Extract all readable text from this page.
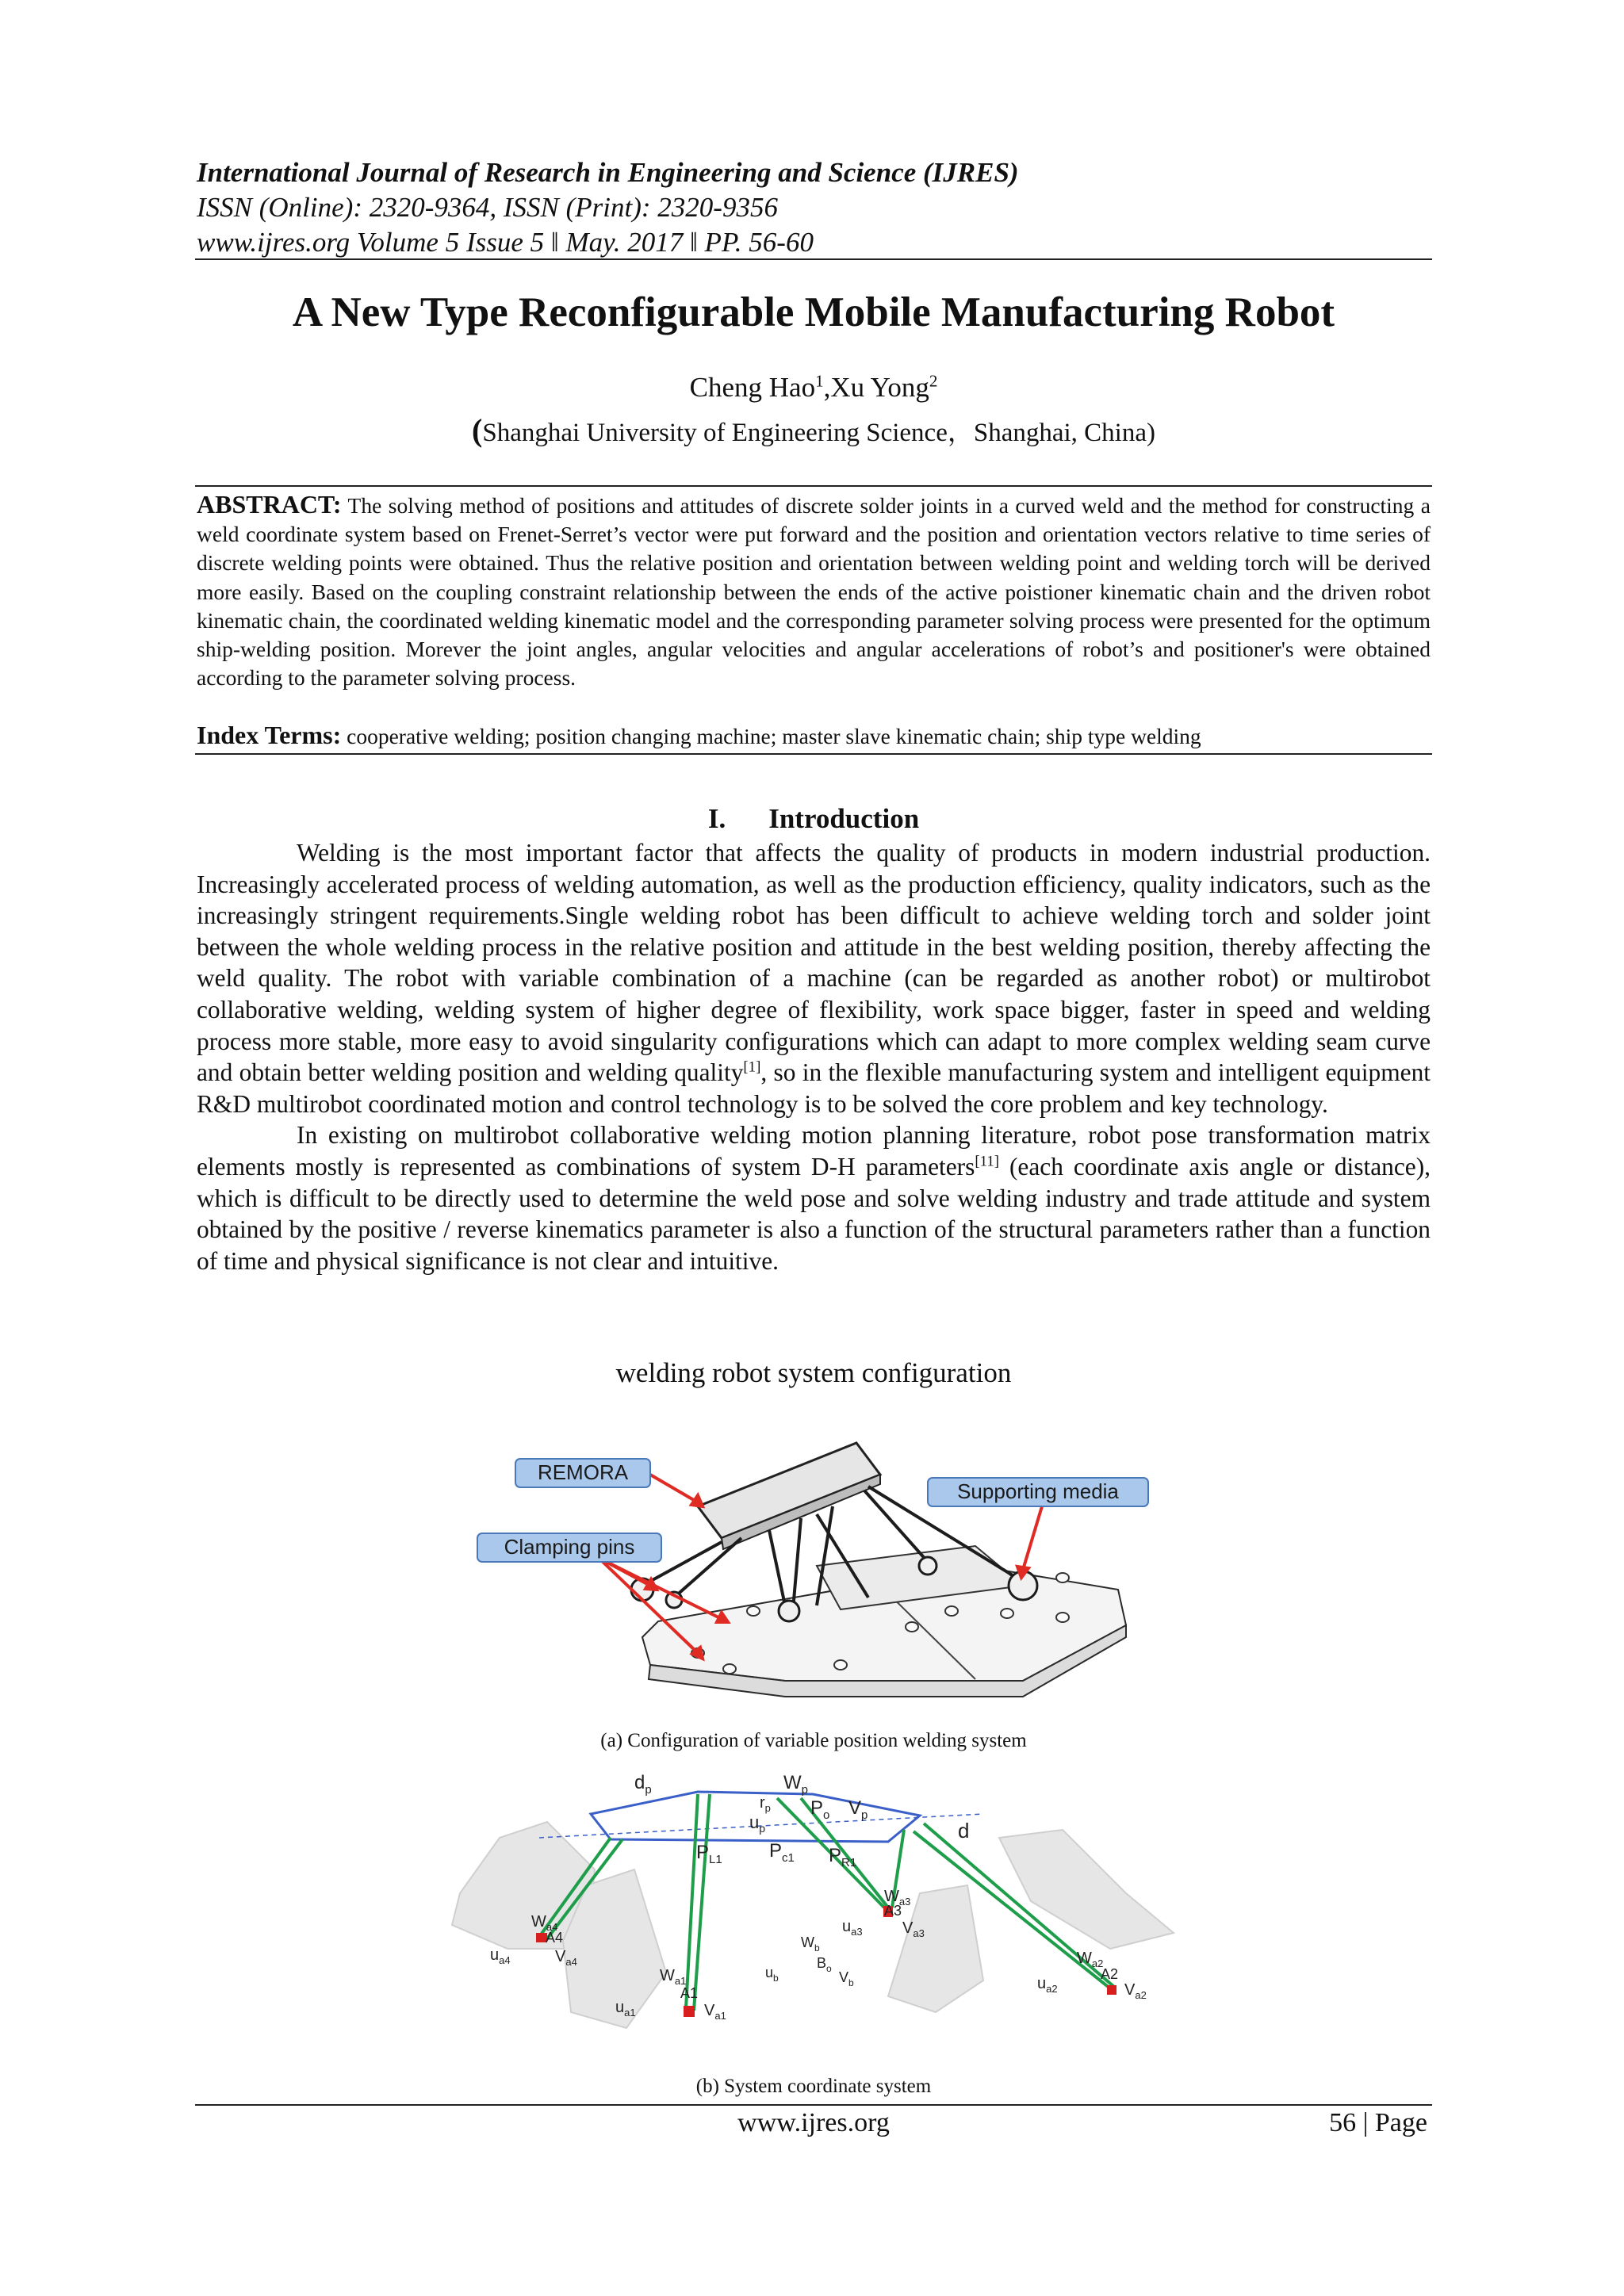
International Journal of Research in Engineering and Science (IJRES)
ISSN (Online): 2320-9364, ISSN (Print): 2320-9356
www.ijres.org Volume 5 Issue 5 ǁ May. 2017 ǁ PP. 56-60
A New Type Reconfigurable Mobile Manufacturing Robot
Cheng Hao$^1$,Xu Yong$^2$
(Shanghai University of Engineering Science，Shanghai, China)
ABSTRACT: The solving method of positions and attitudes of discrete solder joints in a curved weld and the method for constructing a weld coordinate system based on Frenet-Serret’s vector were put forward and the position and orientation vectors relative to time series of discrete welding points were obtained. Thus the relative position and orientation between welding point and welding torch will be derived more easily. Based on the coupling constraint relationship between the ends of the active poistioner kinematic chain and the driven robot kinematic chain, the coordinated welding kinematic model and the corresponding parameter solving process were presented for the optimum ship-welding position. Morever the joint angles, angular velocities and angular accelerations of robot’s and positioner's were obtained according to the parameter solving process.
Index Terms: cooperative welding; position changing machine; master slave kinematic chain; ship type welding
I. Introduction

Welding is the most important factor that affects the quality of products in modern industrial production. Increasingly accelerated process of welding automation, as well as the production efficiency, quality indicators, such as the increasingly stringent requirements.Single welding robot has been difficult to achieve welding torch and solder joint between the whole welding process in the relative position and attitude in the best welding position, thereby affecting the weld quality. The robot with variable combination of a machine (can be regarded as another robot) or multirobot collaborative welding, welding system of higher degree of flexibility, work space bigger, faster in speed and welding process more stable, more easy to avoid singularity configurations which can adapt to more complex welding seam curve and obtain better welding position and welding quality[1], so in the flexible manufacturing system and intelligent equipment R&D multirobot coordinated motion and control technology is to be solved the core problem and key technology.

In existing on multirobot collaborative welding motion planning literature, robot pose transformation matrix elements mostly is represented as combinations of system D-H parameters[11] (each coordinate axis angle or distance), which is difficult to be directly used to determine the weld pose and solve welding industry and trade attitude and system obtained by the positive / reverse kinematics parameter is also a function of the structural parameters rather than a function of time and physical significance is not clear and intuitive.

welding robot system configuration
REMORA
Supporting media
Clamping pins
(a) Configuration of variable position welding system
$d_p$	$W_p$
$r_p$
$u_p$
$P_o$ $V_p$
d
$P_{L1}$ $P_{c1}$ $P_{R1}$
$W_{a3}$
A3
$u_{a3}$	$V_{a3}$
$W_{a4}$
A4
$u_{a4}$	$V_{a4}$
$W_b$
$B_o$
$u_b$	$V_b$
$W_{a1}$
A1
$u_{a1}$	$V_{a1}$
$W_{a2}$
A2
$u_{a2}$	$V_{a2}$
(b) System coordinate system
www.ijres.org	56 | Page
